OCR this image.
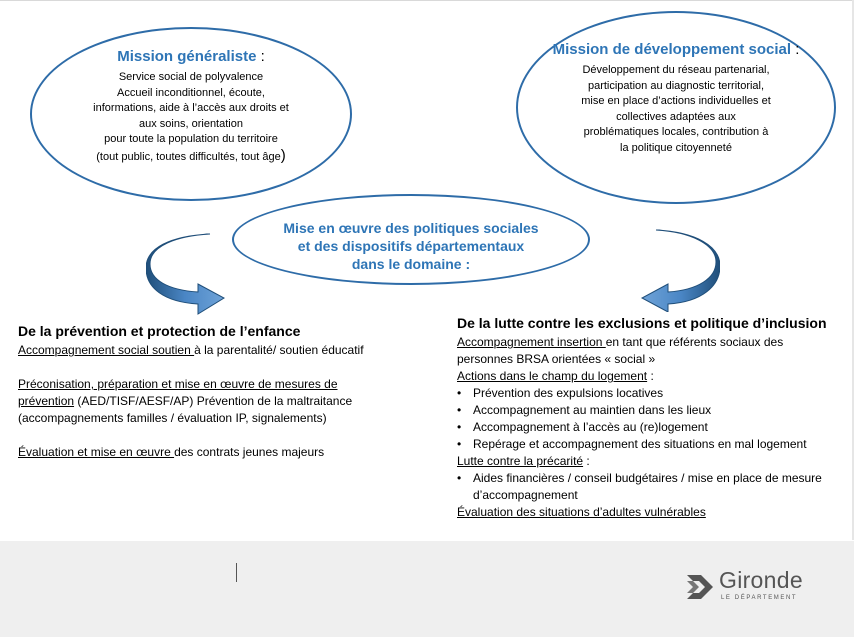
Mission généraliste :
Service social de polyvalence
Accueil inconditionnel, écoute,
informations, aide à l’accès aux droits et
aux soins, orientation
pour toute la population du territoire
(tout public, toutes difficultés, tout âge)
Mission de développement social :
Développement du réseau partenarial,
participation au diagnostic territorial,
mise en place d’actions individuelles et
collectives adaptées aux
problématiques locales, contribution à
la politique citoyenneté
Mise en œuvre des politiques sociales
et des dispositifs départementaux
dans le domaine :
De la prévention et protection de l’enfance
Accompagnement social soutien à la parentalité/ soutien éducatif
Préconisation, préparation et mise en œuvre de mesures de
prévention (AED/TISF/AESF/AP) Prévention de la maltraitance
(accompagnements familles / évaluation IP, signalements)
Évaluation et mise en œuvre des contrats jeunes majeurs
De la lutte contre les exclusions et politique d’inclusion
Accompagnement insertion en tant que référents sociaux des
personnes BRSA orientées « social »
Actions dans le champ du logement :
• Prévention des expulsions locatives
• Accompagnement au maintien dans les lieux
• Accompagnement à l’accès au (re)logement
• Repérage et accompagnement des situations en mal logement
Lutte contre la précarité :
• Aides financières / conseil budgétaires / mise en place de mesure d’accompagnement
Évaluation des situations d’adultes vulnérables
Gironde
LE DÉPARTEMENT
